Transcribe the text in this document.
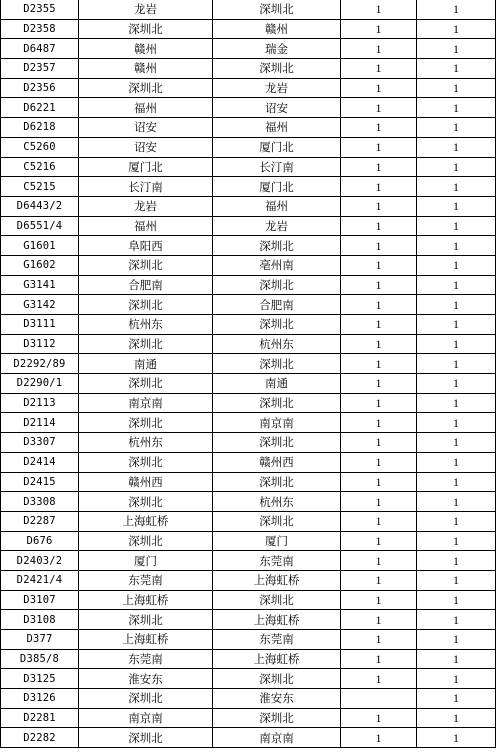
D2355	龙岩	深圳北	1	1
D2358	深圳北	赣州	1	1
D6487	赣州	瑞金	1	1
D2357	赣州	深圳北	1	1
D2356	深圳北	龙岩	1	1
D6221	福州	诏安	1	1
D6218	诏安	福州	1	1
C5260	诏安	厦门北	1	1
C5216	厦门北	长汀南	1	1
C5215	长汀南	厦门北	1	1
D6443/2	龙岩	福州	1	1
D6551/4	福州	龙岩	1	1
G1601	阜阳西	深圳北	1	1
G1602	深圳北	亳州南	1	1
G3141	合肥南	深圳北	1	1
G3142	深圳北	合肥南	1	1
D3111	杭州东	深圳北	1	1
D3112	深圳北	杭州东	1	1
D2292/89	南通	深圳北	1	1
D2290/1	深圳北	南通	1	1
D2113	南京南	深圳北	1	1
D2114	深圳北	南京南	1	1
D3307	杭州东	深圳北	1	1
D2414	深圳北	赣州西	1	1
D2415	赣州西	深圳北	1	1
D3308	深圳北	杭州东	1	1
D2287	上海虹桥	深圳北	1	1
D676	深圳北	厦门	1	1
D2403/2	厦门	东莞南	1	1
D2421/4	东莞南	上海虹桥	1	1
D3107	上海虹桥	深圳北	1	1
D3108	深圳北	上海虹桥	1	1
D377	上海虹桥	东莞南	1	1
D385/8	东莞南	上海虹桥	1	1
D3125	淮安东	深圳北	1	1
D3126	深圳北	淮安东		1
D2281	南京南	深圳北	1	1
D2282	深圳北	南京南	1	1
